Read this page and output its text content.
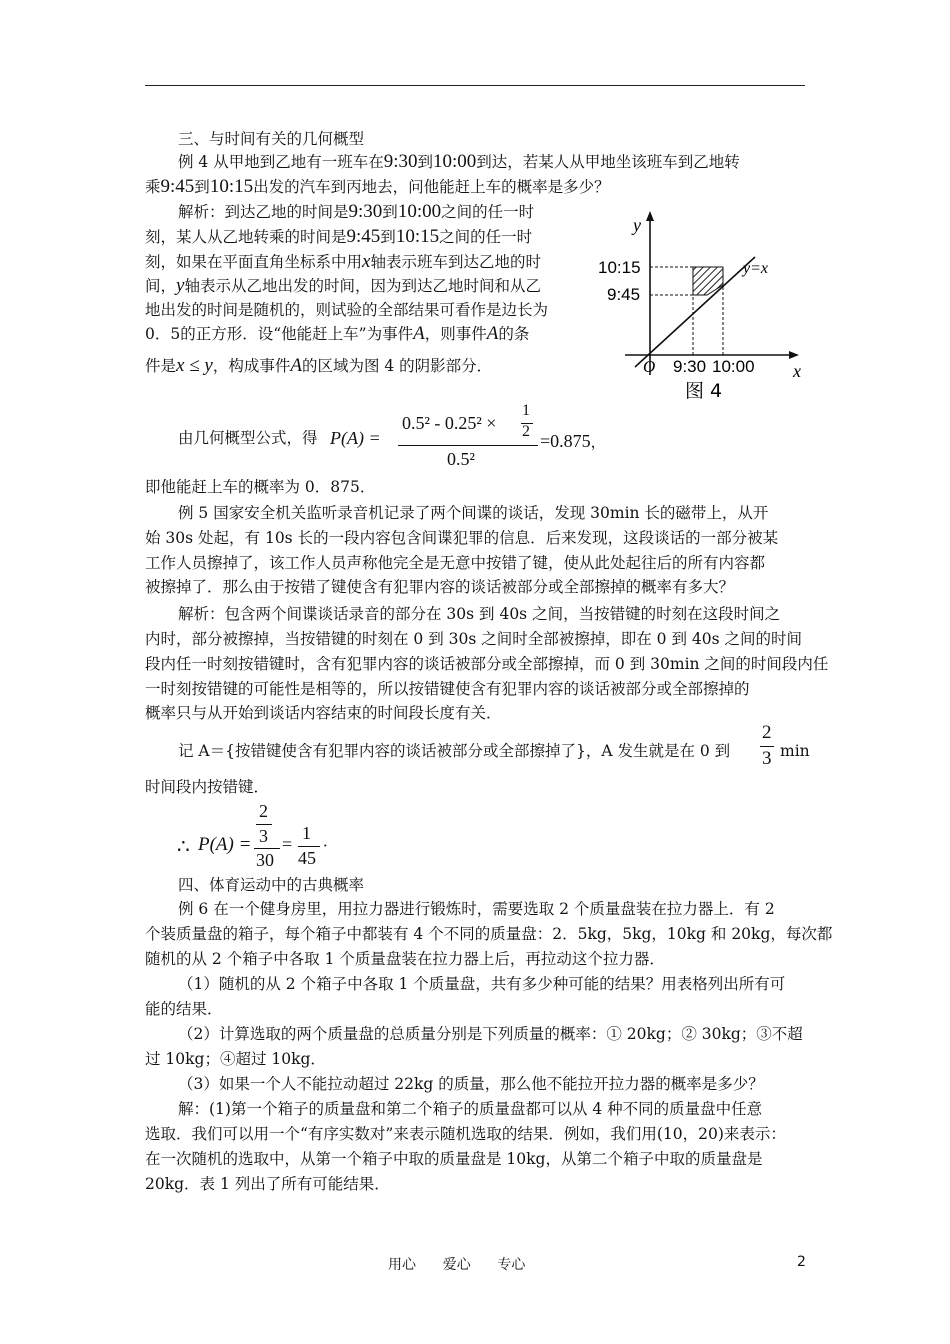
三、与时间有关的几何概型
例 4 从甲地到乙地有一班车在9:30到10:00到达，若某人从甲地坐该班车到乙地转
乘9:45到10:15出发的汽车到丙地去，问他能赶上车的概率是多少？
解析：到达乙地的时间是9:30到10:00之间的任一时
刻，某人从乙地转乘的时间是9:45到10:15之间的任一时
刻，如果在平面直角坐标系中用x轴表示班车到达乙地的时
间，y轴表示从乙地出发的时间，因为到达乙地时间和从乙
地出发的时间是随机的，则试验的全部结果可看作是边长为
0．5的正方形．设“他能赶上车”为事件A，则事件A的条
件是x ≤ y，构成事件A的区域为图 4 的阴影部分．
y
x
O
10:15
9:45
9:30 10:00
y=x
图 4
由几何概型公式，得 P(A) =
0.5² - 0.25² ×
1
2
0.5²
=0.875，
即他能赶上车的概率为 0．875．
例 5 国家安全机关监听录音机记录了两个间谍的谈话，发现 30min 长的磁带上，从开
始 30s 处起，有 10s 长的一段内容包含间谍犯罪的信息．后来发现，这段谈话的一部分被某
工作人员擦掉了，该工作人员声称他完全是无意中按错了键，使从此处起往后的所有内容都
被擦掉了．那么由于按错了键使含有犯罪内容的谈话被部分或全部擦掉的概率有多大？
解析：包含两个间谍谈话录音的部分在 30s 到 40s 之间，当按错键的时刻在这段时间之
内时，部分被擦掉，当按错键的时刻在 0 到 30s 之间时全部被擦掉，即在 0 到 40s 之间的时间
段内任一时刻按错键时，含有犯罪内容的谈话被部分或全部擦掉，而 0 到 30min 之间的时间段内任
一时刻按错键的可能性是相等的，所以按错键使含有犯罪内容的谈话被部分或全部擦掉的
概率只与从开始到谈话内容结束的时间段长度有关．
记 A＝{按错键使含有犯罪内容的谈话被部分或全部擦掉了}，A 发生就是在 0 到
2
3 min
时间段内按错键．
∴ P(A) =
2
3
30
=
1
45
．
四、体育运动中的古典概率
例 6 在一个健身房里，用拉力器进行锻炼时，需要选取 2 个质量盘装在拉力器上．有 2
个装质量盘的箱子，每个箱子中都装有 4 个不同的质量盘：2．5kg，5kg，10kg 和 20kg，每次都
随机的从 2 个箱子中各取 1 个质量盘装在拉力器上后，再拉动这个拉力器．
（1）随机的从 2 个箱子中各取 1 个质量盘，共有多少种可能的结果？用表格列出所有可
能的结果．
（2）计算选取的两个质量盘的总质量分别是下列质量的概率：① 20kg；② 30kg；③不超
过 10kg；④超过 10kg．
（3）如果一个人不能拉动超过 22kg 的质量，那么他不能拉开拉力器的概率是多少？
解：(1)第一个箱子的质量盘和第二个箱子的质量盘都可以从 4 种不同的质量盘中任意
选取．我们可以用一个“有序实数对”来表示随机选取的结果．例如，我们用(10，20)来表示：
在一次随机的选取中，从第一个箱子中取的质量盘是 10kg，从第二个箱子中取的质量盘是
20kg．表 1 列出了所有可能结果．
用心      爱心      专心	2
